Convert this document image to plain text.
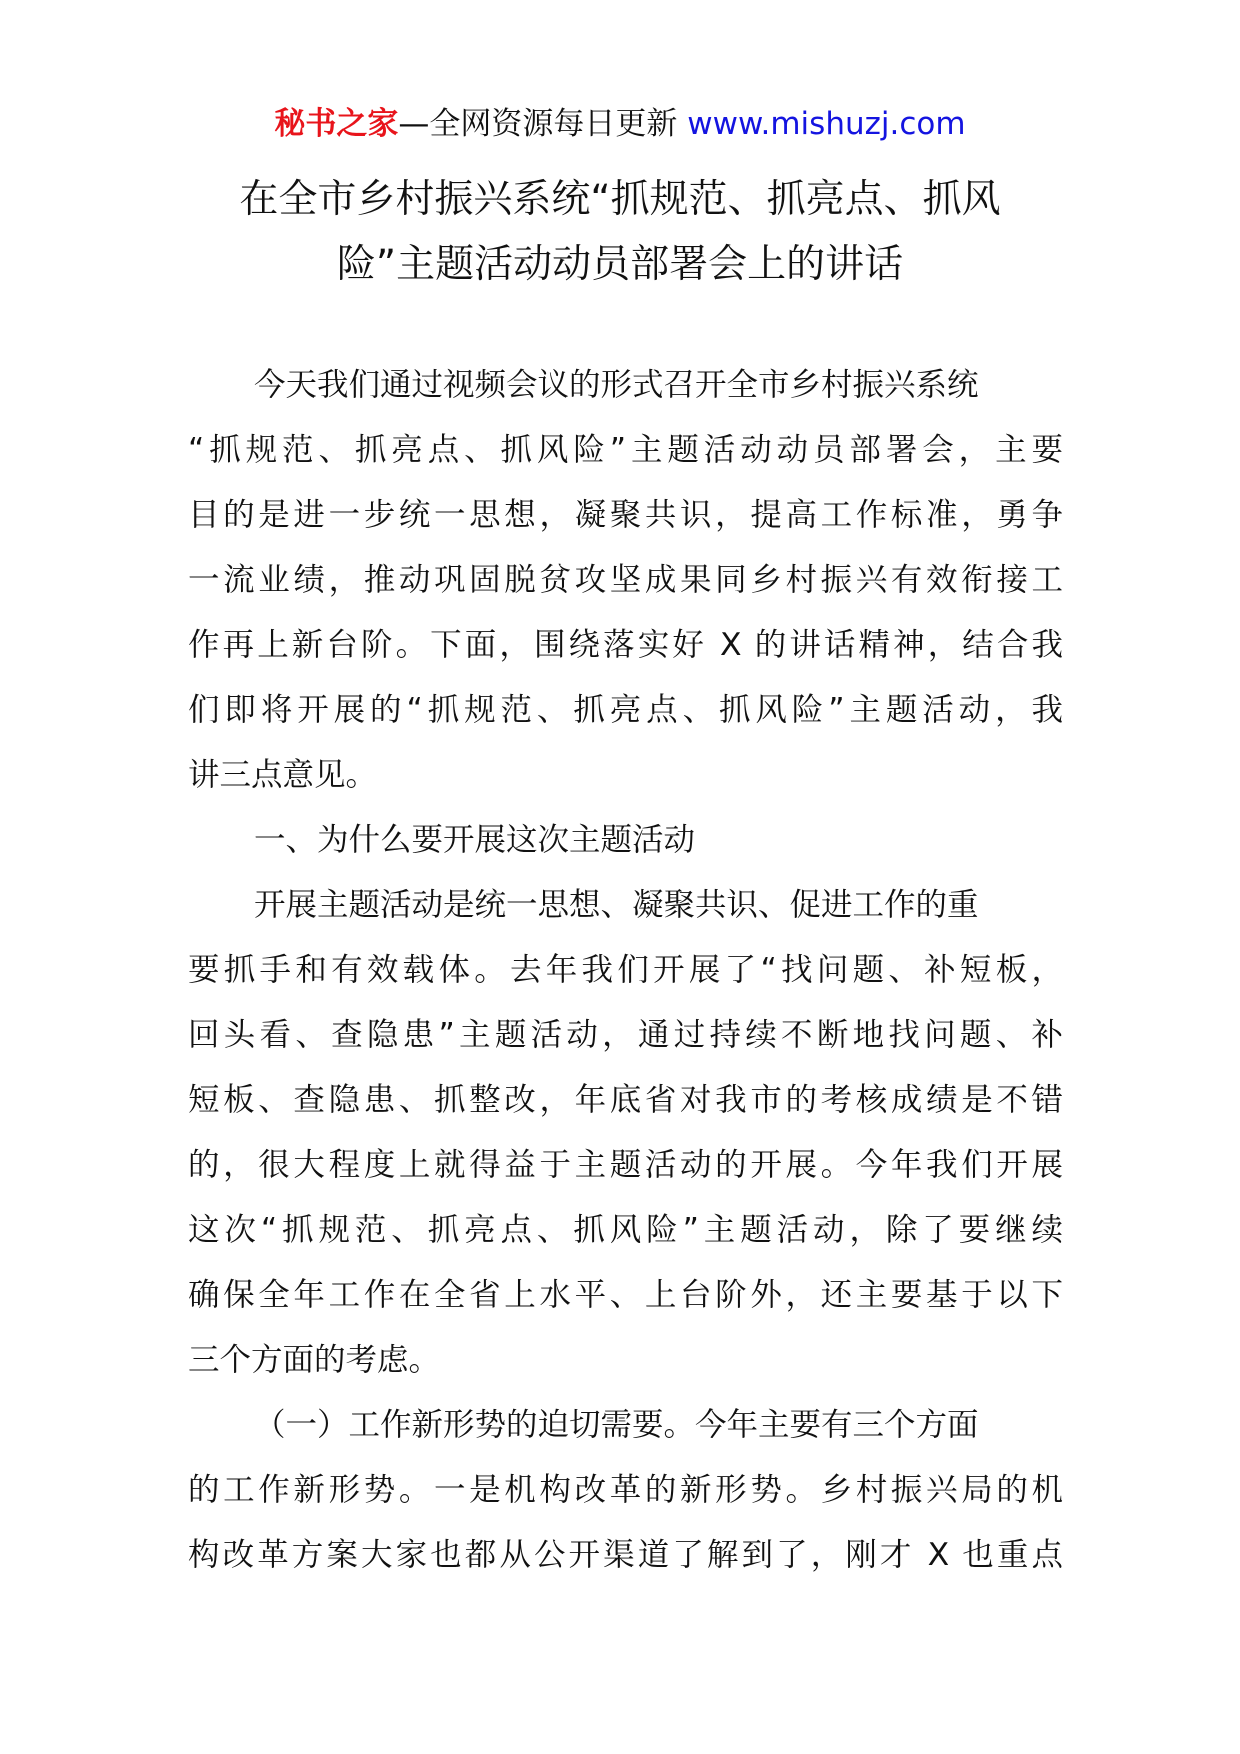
秘书之家—全网资源每日更新 www.mishuzj.com
在全市乡村振兴系统“抓规范、抓亮点、抓风
险”主题活动动员部署会上的讲话
今天我们通过视频会议的形式召开全市乡村振兴系统
“抓规范、抓亮点、抓风险”主题活动动员部署会，主要
目的是进一步统一思想，凝聚共识，提高工作标准，勇争
一流业绩，推动巩固脱贫攻坚成果同乡村振兴有效衔接工
作再上新台阶。下面，围绕落实好 X 的讲话精神，结合我
们即将开展的“抓规范、抓亮点、抓风险”主题活动，我
讲三点意见。
一、为什么要开展这次主题活动
开展主题活动是统一思想、凝聚共识、促进工作的重
要抓手和有效载体。去年我们开展了“找问题、补短板，
回头看、查隐患”主题活动，通过持续不断地找问题、补
短板、查隐患、抓整改，年底省对我市的考核成绩是不错
的，很大程度上就得益于主题活动的开展。今年我们开展
这次“抓规范、抓亮点、抓风险”主题活动，除了要继续
确保全年工作在全省上水平、上台阶外，还主要基于以下
三个方面的考虑。
（一）工作新形势的迫切需要。今年主要有三个方面
的工作新形势。一是机构改革的新形势。乡村振兴局的机
构改革方案大家也都从公开渠道了解到了，刚才 X 也重点
